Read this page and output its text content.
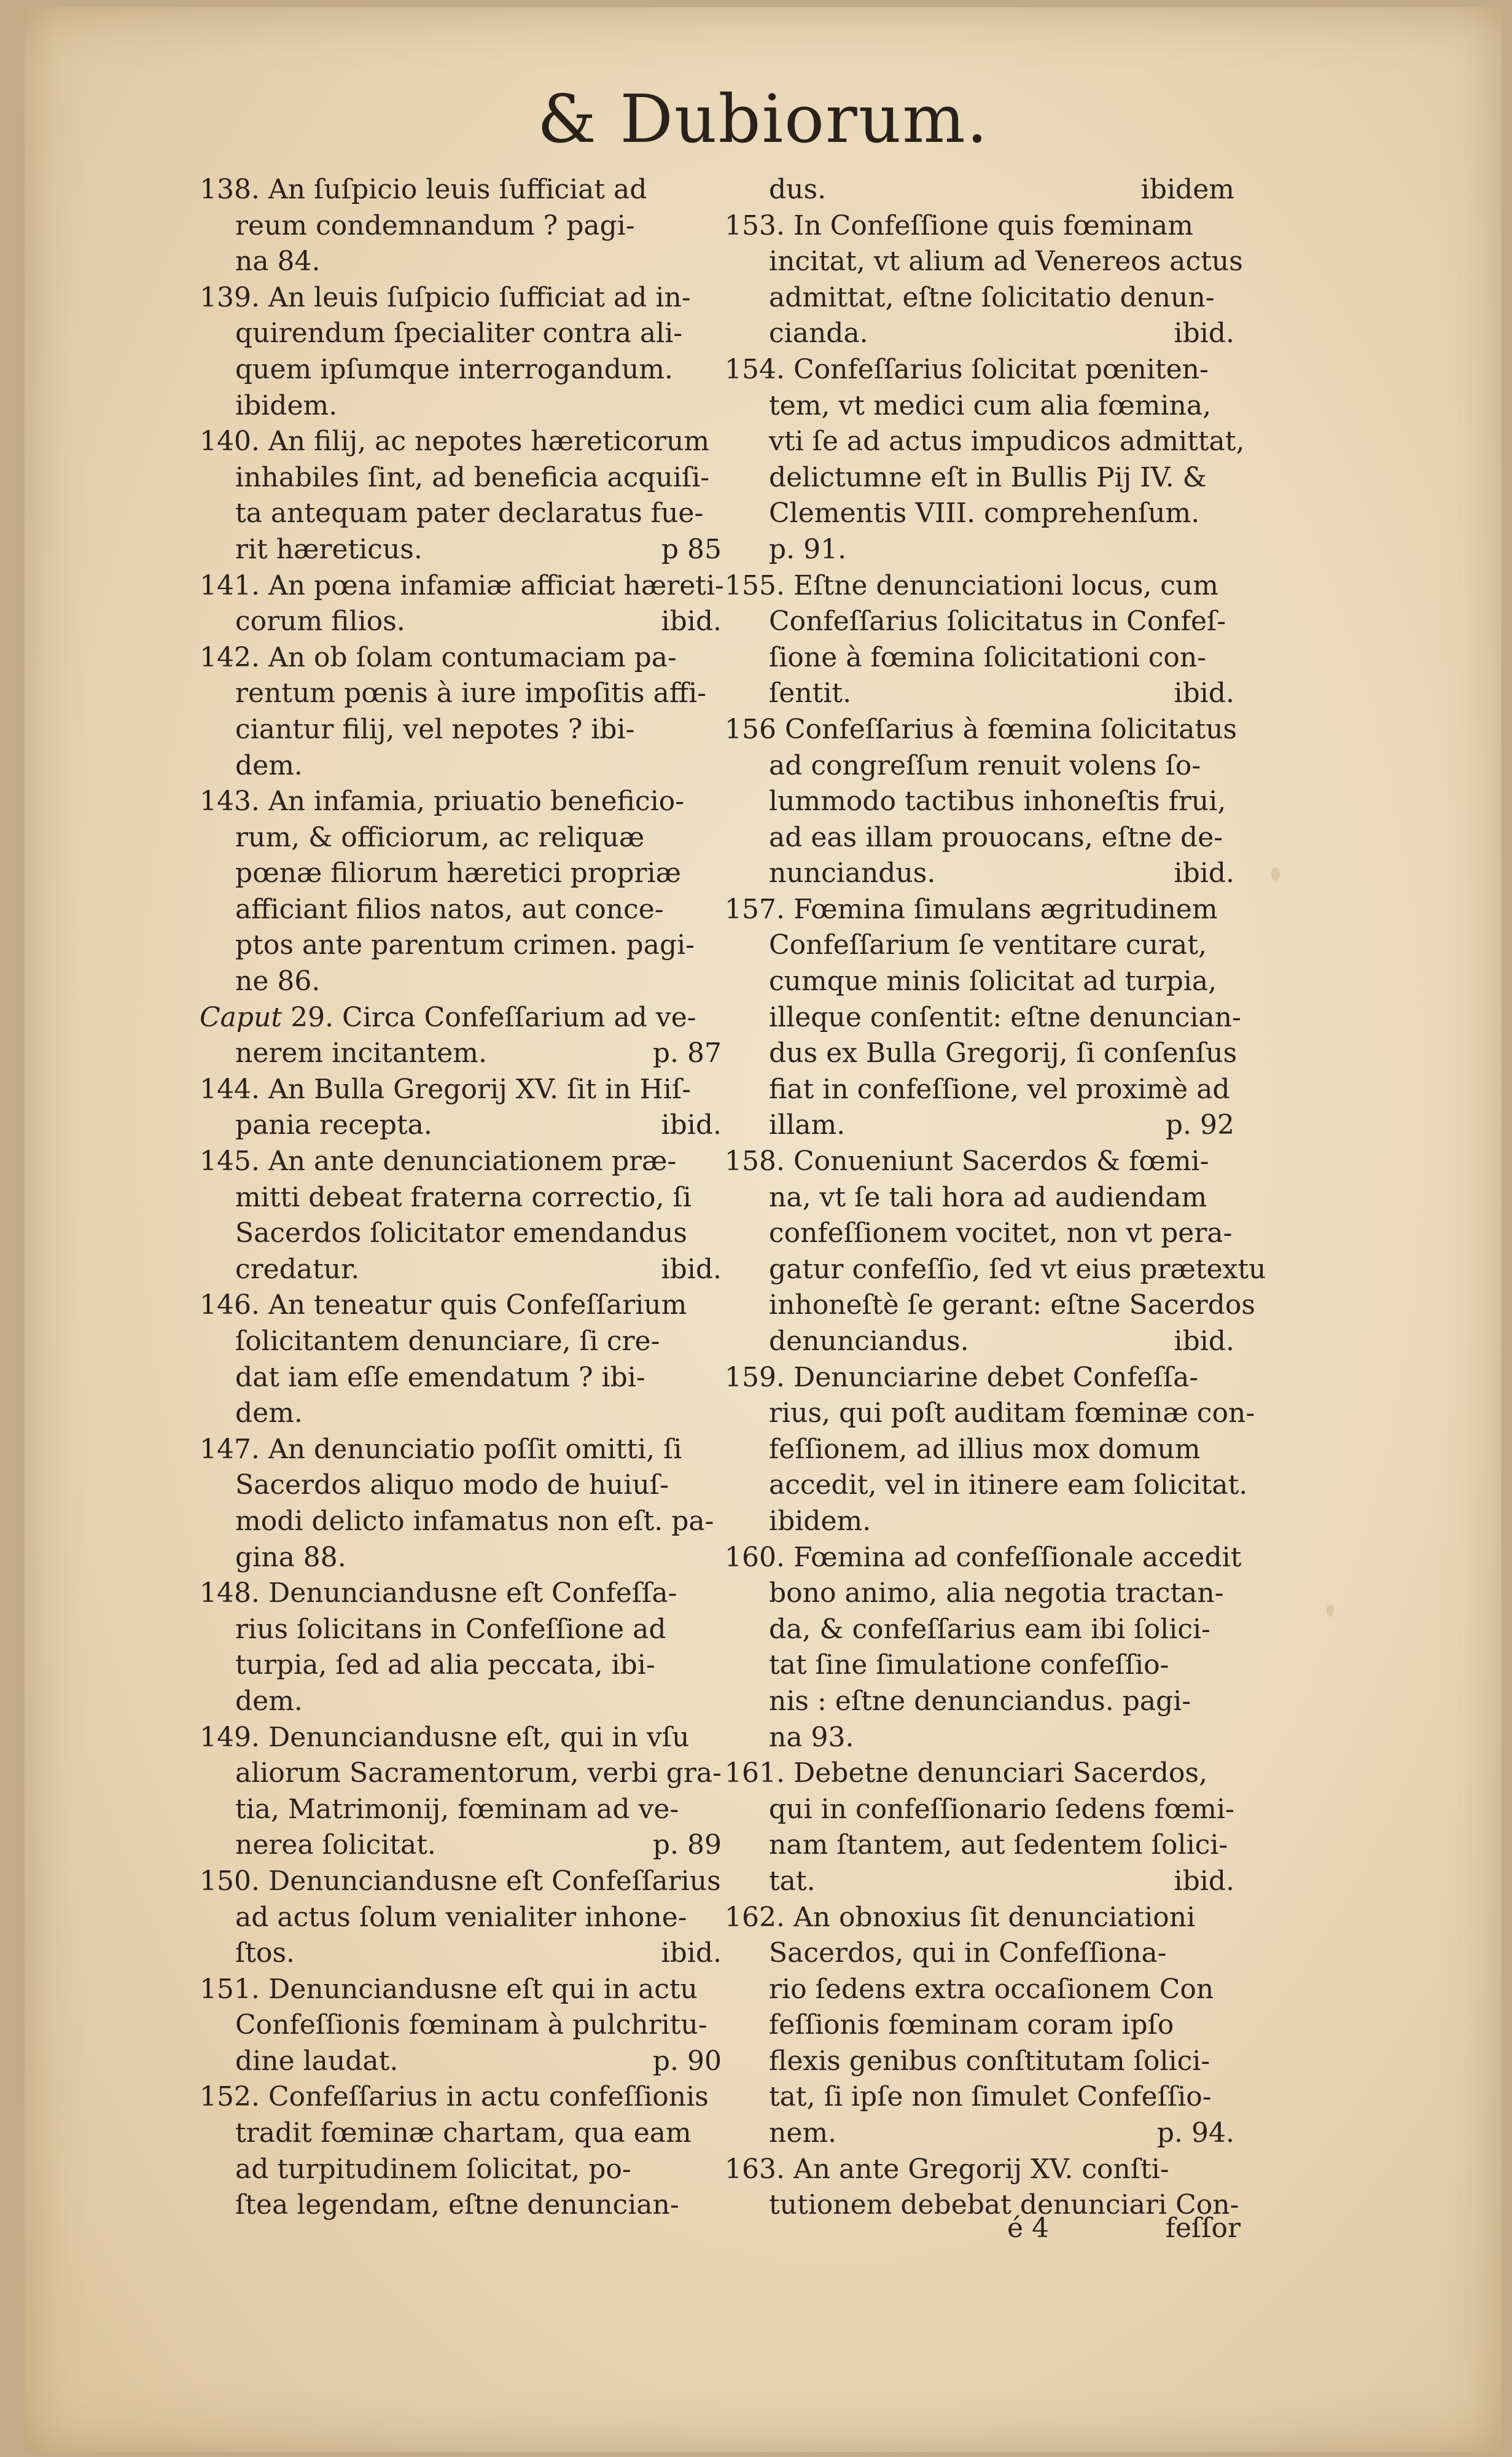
& Dubiorum.
138. An ſuſpicio leuis ſufficiat ad
reum condemnandum ? pagi-
na 84.
139. An leuis ſuſpicio ſufficiat ad in-
quirendum ſpecialiter contra ali-
quem ipſumque interrogandum.
ibidem.
140. An filij, ac nepotes hæreticorum
inhabiles ſint, ad beneficia acquiſi-
ta antequam pater declaratus fue-
rit hæreticus.	p 85
141. An pœna infamiæ afficiat hæreti-
corum filios.	ibid.
142. An ob ſolam contumaciam pa-
rentum pœnis à iure impoſitis affi-
ciantur filij, vel nepotes ? ibi-
dem.
143. An infamia, priuatio beneficio-
rum, & officiorum, ac reliquæ
pœnæ filiorum hæretici propriæ
afficiant filios natos, aut conce-
ptos ante parentum crimen. pagi-
ne 86.
Caput 29. Circa Confeſſarium ad ve-
nerem incitantem.	p. 87
144. An Bulla Gregorij XV. ſit in Hiſ-
pania recepta.	ibid.
145. An ante denunciationem præ-
mitti debeat fraterna correctio, ſi
Sacerdos ſolicitator emendandus
credatur.	ibid.
146. An teneatur quis Confeſſarium
ſolicitantem denunciare, ſi cre-
dat iam eſſe emendatum ? ibi-
dem.
147. An denunciatio poſſit omitti, ſi
Sacerdos aliquo modo de huiuſ-
modi delicto infamatus non eſt. pa-
gina 88.
148. Denunciandusne eſt Confeſſa-
rius ſolicitans in Confeſſione ad
turpia, ſed ad alia peccata, ibi-
dem.
149. Denunciandusne eſt, qui in vſu
aliorum Sacramentorum, verbi gra-
tia, Matrimonij, fœminam ad ve-
nerea ſolicitat.	p. 89
150. Denunciandusne eſt Confeſſarius
ad actus ſolum venialiter inhone-
ſtos.	ibid.
151. Denunciandusne eſt qui in actu
Confeſſionis fœminam à pulchritu-
dine laudat.	p. 90
152. Confeſſarius in actu confeſſionis
tradit fœminæ chartam, qua eam
ad turpitudinem ſolicitat, po-
ſtea legendam, eſtne denuncian-
dus.	ibidem
153. In Confeſſione quis fœminam
incitat, vt alium ad Venereos actus
admittat, eſtne ſolicitatio denun-
cianda.	ibid.
154. Confeſſarius ſolicitat pœniten-
tem, vt medici cum alia fœmina,
vti ſe ad actus impudicos admittat,
delictumne eſt in Bullis Pij IV. &
Clementis VIII. comprehenſum.
p. 91.
155. Eſtne denunciationi locus, cum
Confeſſarius ſolicitatus in Confeſ-
ſione à fœmina ſolicitationi con-
ſentit.	ibid.
156 Confeſſarius à fœmina ſolicitatus
ad congreſſum renuit volens ſo-
lummodo tactibus inhoneſtis frui,
ad eas illam prouocans, eſtne de-
nunciandus.	ibid.
157. Fœmina ſimulans ægritudinem
Confeſſarium ſe ventitare curat,
cumque minis ſolicitat ad turpia,
illeque conſentit: eſtne denuncian-
dus ex Bulla Gregorij, ſi conſenſus
fiat in confeſſione, vel proximè ad
illam.	p. 92
158. Conueniunt Sacerdos & fœmi-
na, vt ſe tali hora ad audiendam
confeſſionem vocitet, non vt pera-
gatur confeſſio, ſed vt eius prætextu
inhoneſtè ſe gerant: eſtne Sacerdos
denunciandus.	ibid.
159. Denunciarine debet Confeſſa-
rius, qui poſt auditam fœminæ con-
feſſionem, ad illius mox domum
accedit, vel in itinere eam ſolicitat.
ibidem.
160. Fœmina ad confeſſionale accedit
bono animo, alia negotia tractan-
da, & confeſſarius eam ibi ſolici-
tat ſine ſimulatione confeſſio-
nis : eſtne denunciandus. pagi-
na 93.
161. Debetne denunciari Sacerdos,
qui in confeſſionario ſedens fœmi-
nam ſtantem, aut ſedentem ſolici-
tat.	ibid.
162. An obnoxius ſit denunciationi
Sacerdos, qui in Confeſſiona-
rio ſedens extra occaſionem Con
feſſionis fœminam coram ipſo
flexis genibus conſtitutam ſolici-
tat, ſi ipſe non ſimulet Confeſſio-
nem.	p. 94.
163. An ante Gregorij XV. conſti-
tutionem debebat denunciari Con-
é 4	feſſor
